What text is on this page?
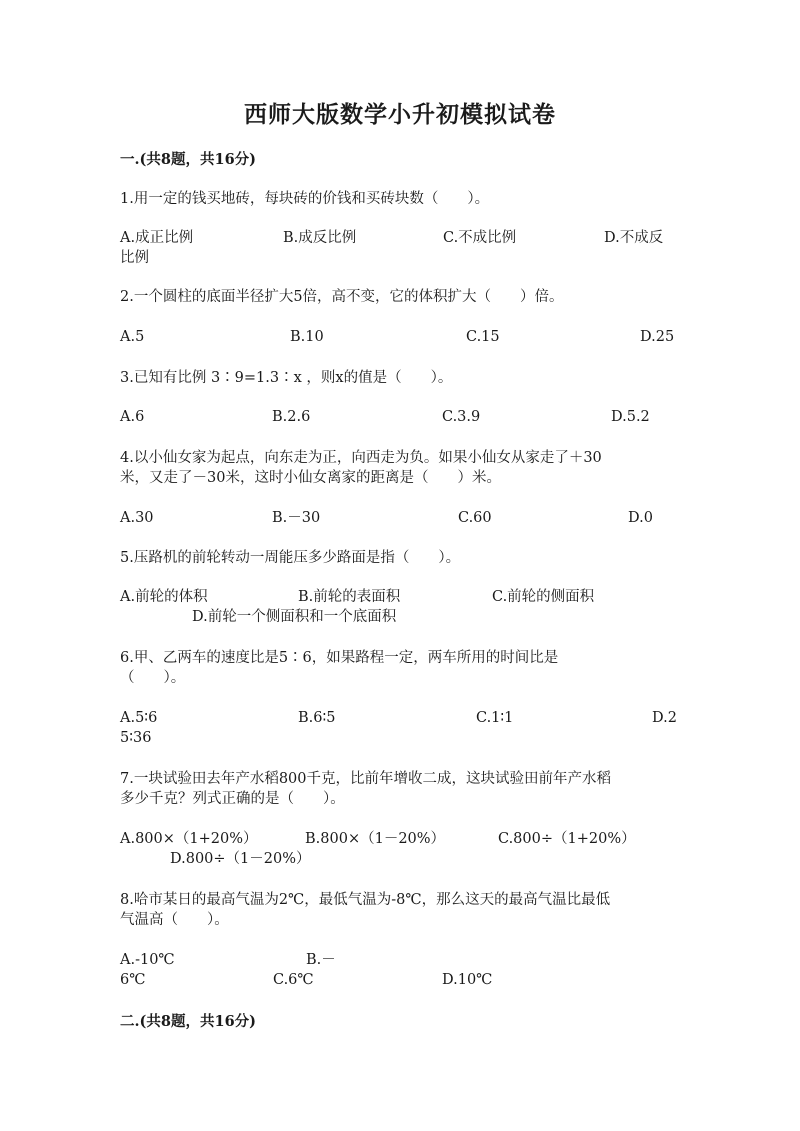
西师大版数学小升初模拟试卷
一.(共8题，共16分)
1.用一定的钱买地砖，每块砖的价钱和买砖块数（　　）。
A.成正比例	B.成反比例	C.不成比例	D.不成反
比例
2.一个圆柱的底面半径扩大5倍，高不变，它的体积扩大（　　）倍。
A.5	B.10	C.15	D.25
3.已知有比例 3∶9=1.3∶x ，则x的值是（　　）。
A.6	B.2.6	C.3.9	D.5.2
4.以小仙女家为起点，向东走为正，向西走为负。如果小仙女从家走了＋30
米，又走了－30米，这时小仙女离家的距离是（　　）米。
A.30	B.－30	C.60	D.0
5.压路机的前轮转动一周能压多少路面是指（　　）。
A.前轮的体积	B.前轮的表面积	C.前轮的侧面积
D.前轮一个侧面积和一个底面积
6.甲、乙两车的速度比是5∶6，如果路程一定，两车所用的时间比是
（　　）。
A.5∶6	B.6∶5	C.1∶1	D.2
5∶36
7.一块试验田去年产水稻800千克，比前年增收二成，这块试验田前年产水稻
多少千克？列式正确的是（　　）。
A.800×（1+20%）	B.800×（1－20%）	C.800÷（1+20%）
D.800÷（1－20%）
8.哈市某日的最高气温为2℃，最低气温为-8℃，那么这天的最高气温比最低
气温高（　　）。
A.-10℃	B.－
6℃	C.6℃	D.10℃
二.(共8题，共16分)
